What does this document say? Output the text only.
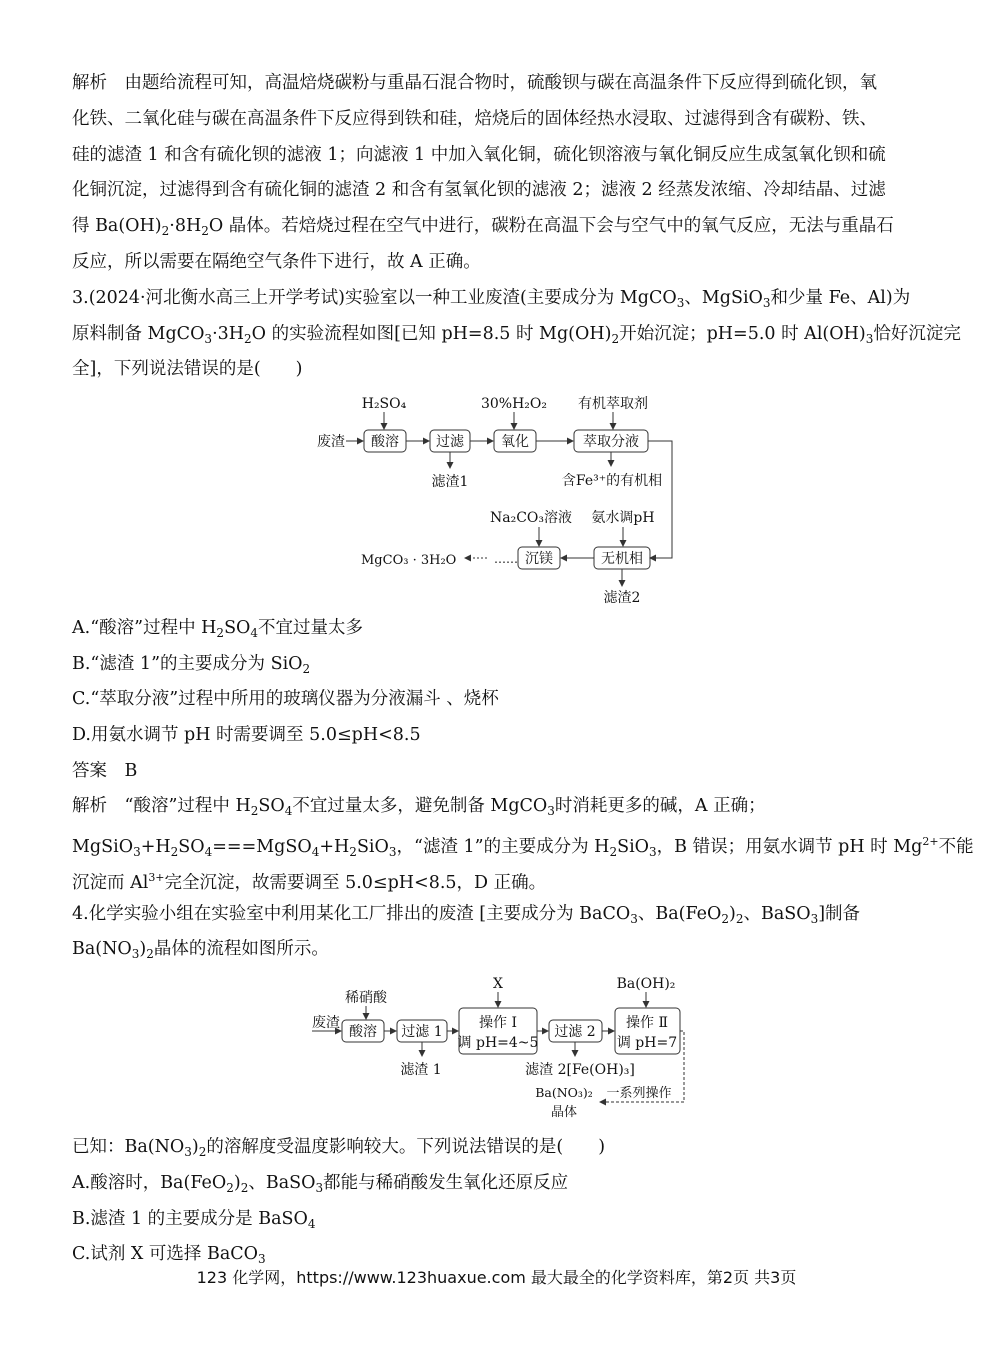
解析　由题给流程可知，高温焙烧碳粉与重晶石混合物时，硫酸钡与碳在高温条件下反应得到硫化钡，氧
化铁、二氧化硅与碳在高温条件下反应得到铁和硅，焙烧后的固体经热水浸取、过滤得到含有碳粉、铁、
硅的滤渣 1 和含有硫化钡的滤液 1；向滤液 1 中加入氧化铜，硫化钡溶液与氧化铜反应生成氢氧化钡和硫
化铜沉淀，过滤得到含有硫化铜的滤渣 2 和含有氢氧化钡的滤液 2；滤液 2 经蒸发浓缩、冷却结晶、过滤
得 $Ba(OH)_2\cdot 8H_2O$ 晶体。若焙烧过程在空气中进行，碳粉在高温下会与空气中的氧气反应，无法与重晶石
反应，所以需要在隔绝空气条件下进行，故 A 正确。
3.(2024·河北衡水高三上开学考试)实验室以一种工业废渣(主要成分为 MgCO$_3$、MgSiO$_3$和少量 Fe、Al)为
原料制备 $MgCO_3\cdot 3H_2O$ 的实验流程如图[已知 pH=8.5 时 $Mg(OH)_2$开始沉淀；pH=5.0 时 $Al(OH)_3$恰好沉淀完
全]，下列说法错误的是(　　)
H₂SO₄	30%H₂O₂ 有机萃取剂
废渣 酸溶	过滤	氧化	萃取分液
滤渣1	含Fe³⁺的有机相
Na₂CO₃溶液 氨水调pH
沉镁	无机相
……
MgCO₃ · 3H₂O
滤渣2
A.“酸溶”过程中 $H_2SO_4$不宜过量太多
B.“滤渣 1”的主要成分为 SiO$_2$
C.“萃取分液”过程中所用的玻璃仪器为分液漏斗 、烧杯
D.用氨水调节 pH 时需要调至 5.0≤pH<8.5
答案　B
解析　“酸溶”过程中 $H_2SO_4$不宜过量太多，避免制备 MgCO$_3$时消耗更多的碱，A 正确；
$MgSiO_3+H_2SO_4===MgSO_4+H_2SiO_3$，“滤渣 1”的主要成分为 $H_2SiO_3$，B 错误；用氨水调节 pH 时 $Mg^{2+}$不能
沉淀而 $Al^{3+}$完全沉淀，故需要调至 5.0≤pH<8.5，D 正确。
4.化学实验小组在实验室中利用某化工厂排出的废渣 [主要成分为 BaCO$_3$、$Ba(FeO_2)_2$、BaSO$_3$]制备
$Ba(NO_3)_2$晶体的流程如图所示。
稀硝酸
X	Ba(OH)₂
废渣
酸溶 过滤 1
操作 Ⅰ
调 pH=4~5
过滤 2
操作 Ⅱ
调 pH=7
滤渣 1	滤渣 2[Fe(OH)₃]
Ba(NO₃)₂
晶体
一系列操作
已知：$Ba(NO_3)_2$的溶解度受温度影响较大。下列说法错误的是(　　)
A.酸溶时，$Ba(FeO_2)_2$、BaSO$_3$都能与稀硝酸发生氧化还原反应
B.滤渣 1 的主要成分是 BaSO$_4$
C.试剂 X 可选择 BaCO$_3$
123 化学网，https://www.123huaxue.com 最大最全的化学资料库，第2页 共3页
